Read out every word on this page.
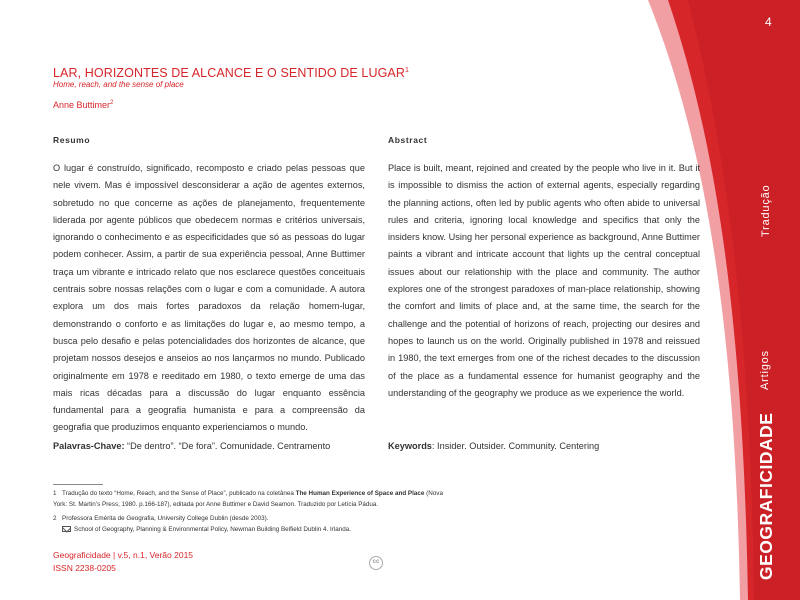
4
LAR, HORIZONTES DE ALCANCE E O SENTIDO DE LUGAR$^1$
Home, reach, and the sense of place
Anne Buttimer$^2$
Resumo	Abstract
O lugar é construído, significado, recomposto e criado pelas pessoas que nele vivem. Mas é impossível desconsiderar a ação de agentes externos, sobretudo no que concerne as ações de planejamento, frequentemente liderada por agente públicos que obedecem normas e critérios universais, ignorando o conhecimento e as especificidades que só as pessoas do lugar podem conhecer. Assim, a partir de sua experiência pessoal, Anne Buttimer traça um vibrante e intricado relato que nos esclarece questões conceituais centrais sobre nossas relações com o lugar e com a comunidade. A autora explora um dos mais fortes paradoxos da relação homem-lugar, demonstrando o conforto e as limitações do lugar e, ao mesmo tempo, a busca pelo desafio e pelas potencialidades dos horizontes de alcance, que projetam nossos desejos e anseios ao nos lançarmos no mundo. Publicado originalmente em 1978 e reeditado em 1980, o texto emerge de uma das mais ricas décadas para a discussão do lugar enquanto essência fundamental para a geografia humanista e para a compreensão da geografia que produzimos enquanto experienciamos o mundo.
Place is built, meant, rejoined and created by the people who live in it. But it is impossible to dismiss the action of external agents, especially regarding the planning actions, often led by public agents who often abide to universal rules and criteria, ignoring local knowledge and specifics that only the insiders know. Using her personal experience as background, Anne Buttimer paints a vibrant and intricate account that lights up the central conceptual issues about our relationship with the place and community. The author explores one of the strongest paradoxes of man-place relationship, showing the comfort and limits of place and, at the same time, the search for the challenge and the potential of horizons of reach, projecting our desires and hopes to launch us on the world. Originally published in 1978 and reissued in 1980, the text emerges from one of the richest decades to the discussion of the place as a fundamental essence for humanist geography and the understanding of the geography we produce as we experience the world.
Palavras-Chave: “De dentro”. “De fora”. Comunidade. Centramento	Keywords: Insider. Outsider. Community. Centering
1 Tradução do texto “Home, Reach, and the Sense of Place”, publicado na coletânea The Human Experience of Space and Place (Nova York: St. Martin’s Press, 1980. p.166-187), editada por Anne Buttimer e David Seamon. Traduzido por Letícia Pádua.
2 Professora Emérita de Geografia, University College Dublin (desde 2003).
School of Geography, Planning & Environmental Policy, Newman Building Belfield Dublin 4. Irlanda.
Geograficidade | v.5, n.1, Verão 2015
ISSN 2238-0205
cc	GEOGRAFICIDADE
Artigos
Tradução
